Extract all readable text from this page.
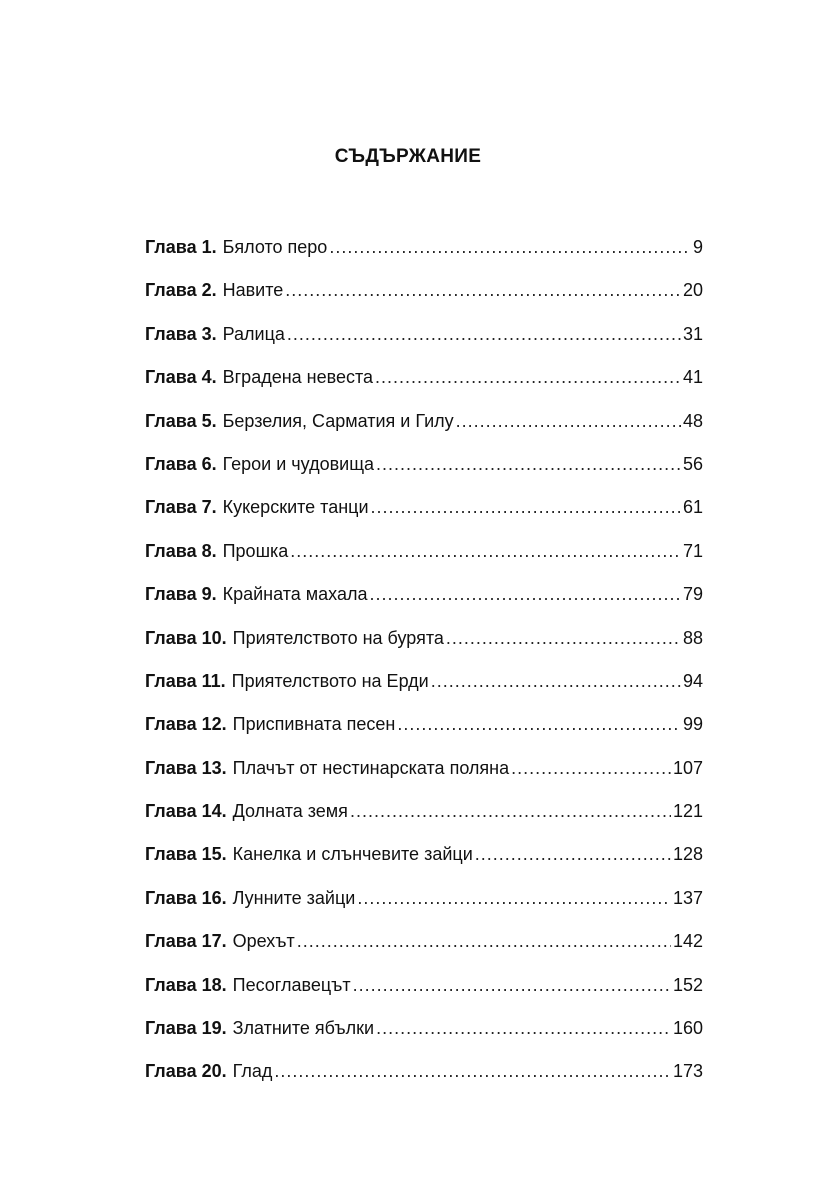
СЪДЪРЖАНИЕ
Глава 1. Бялото перо .....	9
Глава 2. Навите .....	20
Глава 3. Ралица .....	31
Глава 4. Вградена невеста .....	41
Глава 5. Берзелия, Сарматия и Гилу .....	48
Глава 6. Герои и чудовища .....	56
Глава 7. Кукерските танци .....	61
Глава 8. Прошка .....	71
Глава 9. Крайната махала .....	79
Глава 10. Приятелството на бурята .....	88
Глава 11. Приятелството на Ерди .....	94
Глава 12. Приспивната песен .....	99
Глава 13. Плачът от нестинарската поляна .....	107
Глава 14. Долната земя .....	121
Глава 15. Канелка и слънчевите зайци .....	128
Глава 16. Лунните зайци .....	137
Глава 17. Орехът .....	142
Глава 18. Песоглавецът .....	152
Глава 19. Златните ябълки .....	160
Глава 20. Глад .....	173
